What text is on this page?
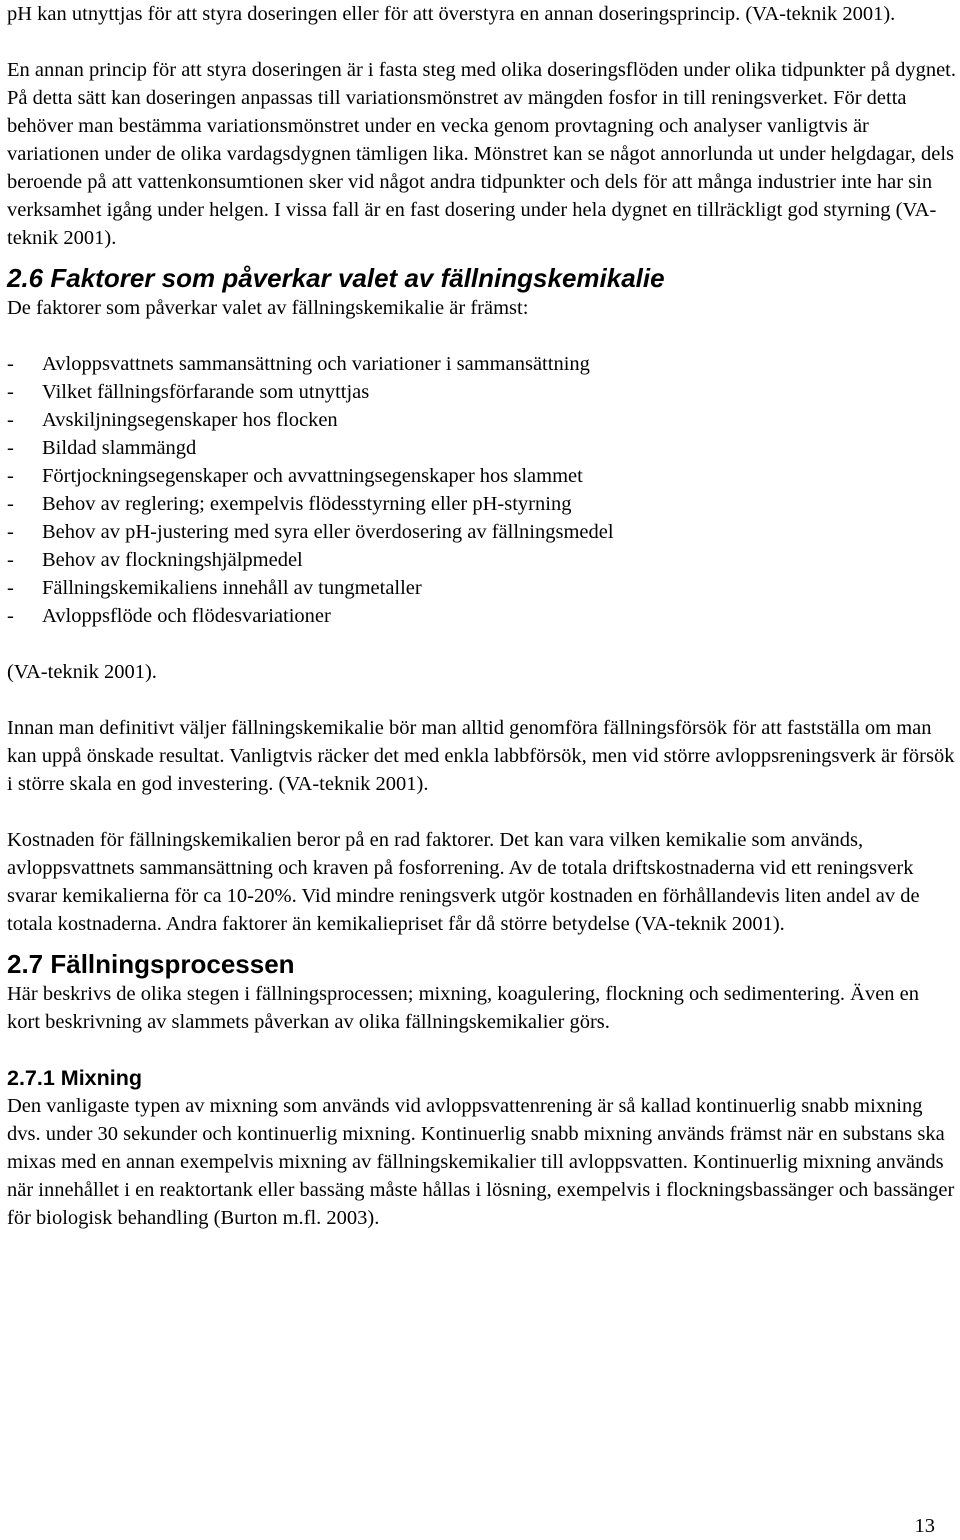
pH kan utnyttjas för att styra doseringen eller för att överstyra en annan doseringsprincip. (VA-teknik 2001).

En annan princip för att styra doseringen är i fasta steg med olika doseringsflöden under olika tidpunkter på dygnet. På detta sätt kan doseringen anpassas till variationsmönstret av mängden fosfor in till reningsverket. För detta behöver man bestämma variationsmönstret under en vecka genom provtagning och analyser vanligtvis är variationen under de olika vardagsdygnen tämligen lika. Mönstret kan se något annorlunda ut under helgdagar, dels beroende på att vattenkonsumtionen sker vid något andra tidpunkter och dels för att många industrier inte har sin verksamhet igång under helgen. I vissa fall är en fast dosering under hela dygnet en tillräckligt god styrning (VA-teknik 2001).

2.6 Faktorer som påverkar valet av fällningskemikalie

De faktorer som påverkar valet av fällningskemikalie är främst:

-	Avloppsvattnets sammansättning och variationer i sammansättning
-	Vilket fällningsförfarande som utnyttjas
-	Avskiljningsegenskaper hos flocken
-	Bildad slammängd
-	Förtjockningsegenskaper och avvattningsegenskaper hos slammet
-	Behov av reglering; exempelvis flödesstyrning eller pH-styrning
-	Behov av pH-justering med syra eller överdosering av fällningsmedel
-	Behov av flockningshjälpmedel
-	Fällningskemikaliens innehåll av tungmetaller
-	Avloppsflöde och flödesvariationer

(VA-teknik 2001).

Innan man definitivt väljer fällningskemikalie bör man alltid genomföra fällningsförsök för att fastställa om man kan uppå önskade resultat. Vanligtvis räcker det med enkla labbförsök, men vid större avloppsreningsverk är försök i större skala en god investering. (VA-teknik 2001).

Kostnaden för fällningskemikalien beror på en rad faktorer. Det kan vara vilken kemikalie som används, avloppsvattnets sammansättning och kraven på fosforrening. Av de totala driftskostnaderna vid ett reningsverk svarar kemikalierna för ca 10-20%. Vid mindre reningsverk utgör kostnaden en förhållandevis liten andel av de totala kostnaderna. Andra faktorer än kemikaliepriset får då större betydelse (VA-teknik 2001).

2.7 Fällningsprocessen

Här beskrivs de olika stegen i fällningsprocessen; mixning, koagulering, flockning och sedimentering. Även en kort beskrivning av slammets påverkan av olika fällningskemikalier görs.

2.7.1 Mixning

Den vanligaste typen av mixning som används vid avloppsvattenrening är så kallad kontinuerlig snabb mixning dvs. under 30 sekunder och kontinuerlig mixning. Kontinuerlig snabb mixning används främst när en substans ska mixas med en annan exempelvis mixning av fällningskemikalier till avloppsvatten. Kontinuerlig mixning används när innehållet i en reaktortank eller bassäng måste hållas i lösning, exempelvis i flockningsbassänger och bassänger för biologisk behandling (Burton m.fl. 2003).

13
